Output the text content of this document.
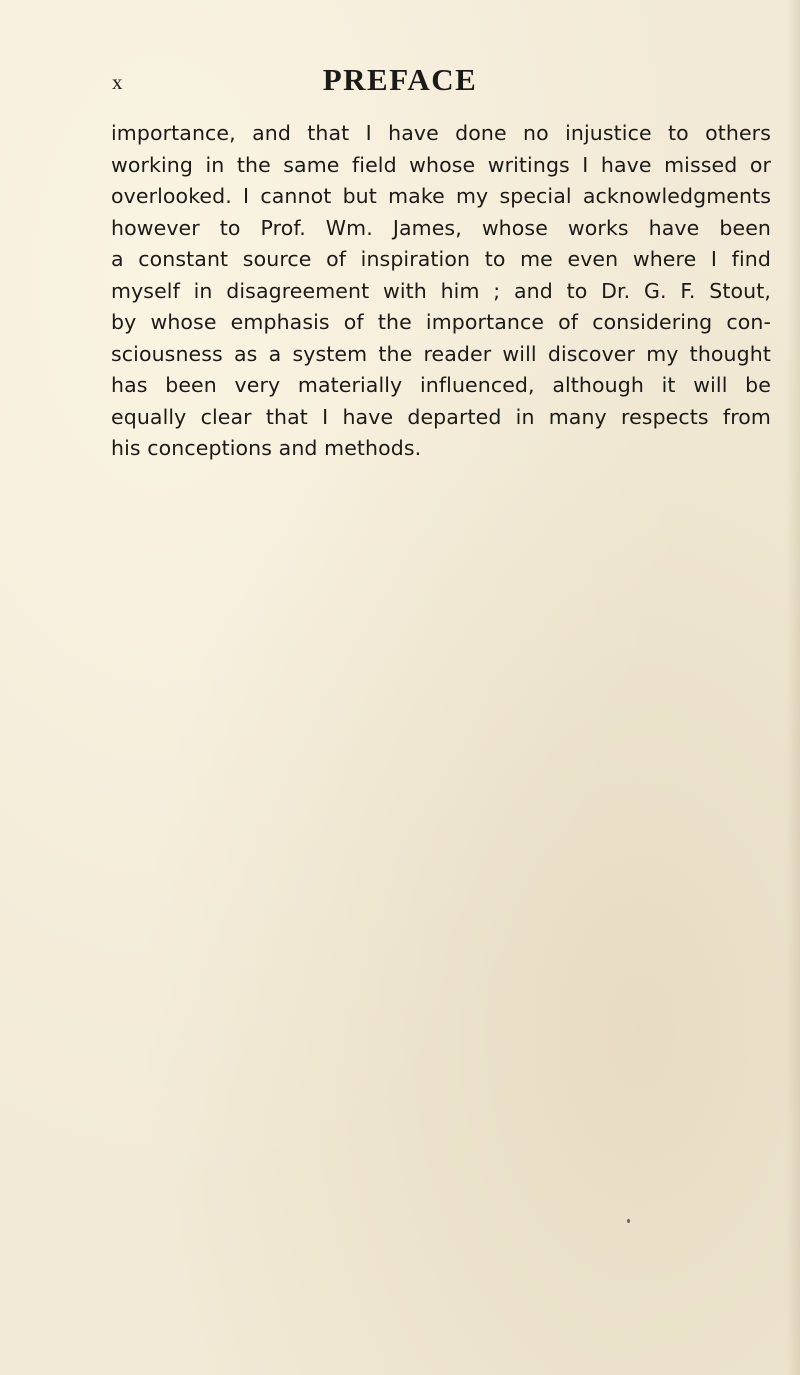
x	PREFACE
importance, and that I have done no injustice to others
working in the same field whose writings I have missed or
overlooked. I cannot but make my special acknowledgments
however to Prof. Wm. James, whose works have been
a constant source of inspiration to me even where I find
myself in disagreement with him ; and to Dr. G. F. Stout,
by whose emphasis of the importance of considering con-
sciousness as a system the reader will discover my thought
has been very materially influenced, although it will be
equally clear that I have departed in many respects from
his conceptions and methods.
